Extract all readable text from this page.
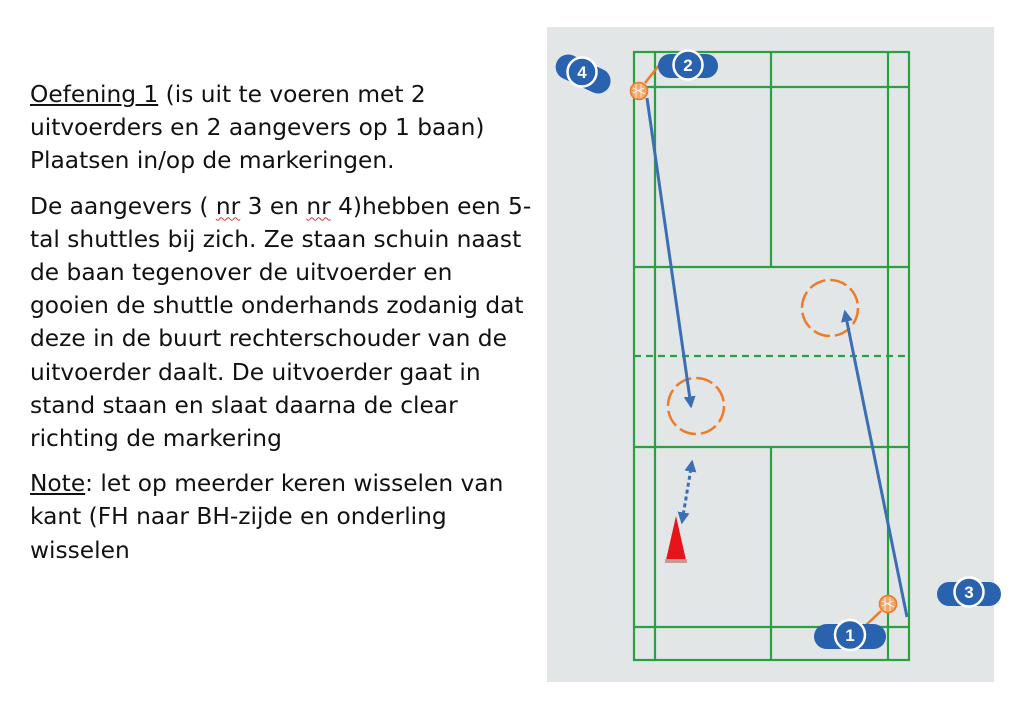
Oefening 1 (is uit te voeren met 2 uitvoerders en 2 aangevers op 1 baan) Plaatsen in/op de markeringen.

De aangevers ( nr 3 en nr 4)hebben een 5-tal shuttles bij zich. Ze staan schuin naast de baan tegenover de uitvoerder en gooien de shuttle onderhands zodanig dat deze in de buurt rechterschouder van de uitvoerder daalt. De uitvoerder gaat in stand staan en slaat daarna de clear richting de markering

Note: let op meerder keren wisselen van kant (FH naar BH-zijde en onderling wisselen

4	2
1
3
